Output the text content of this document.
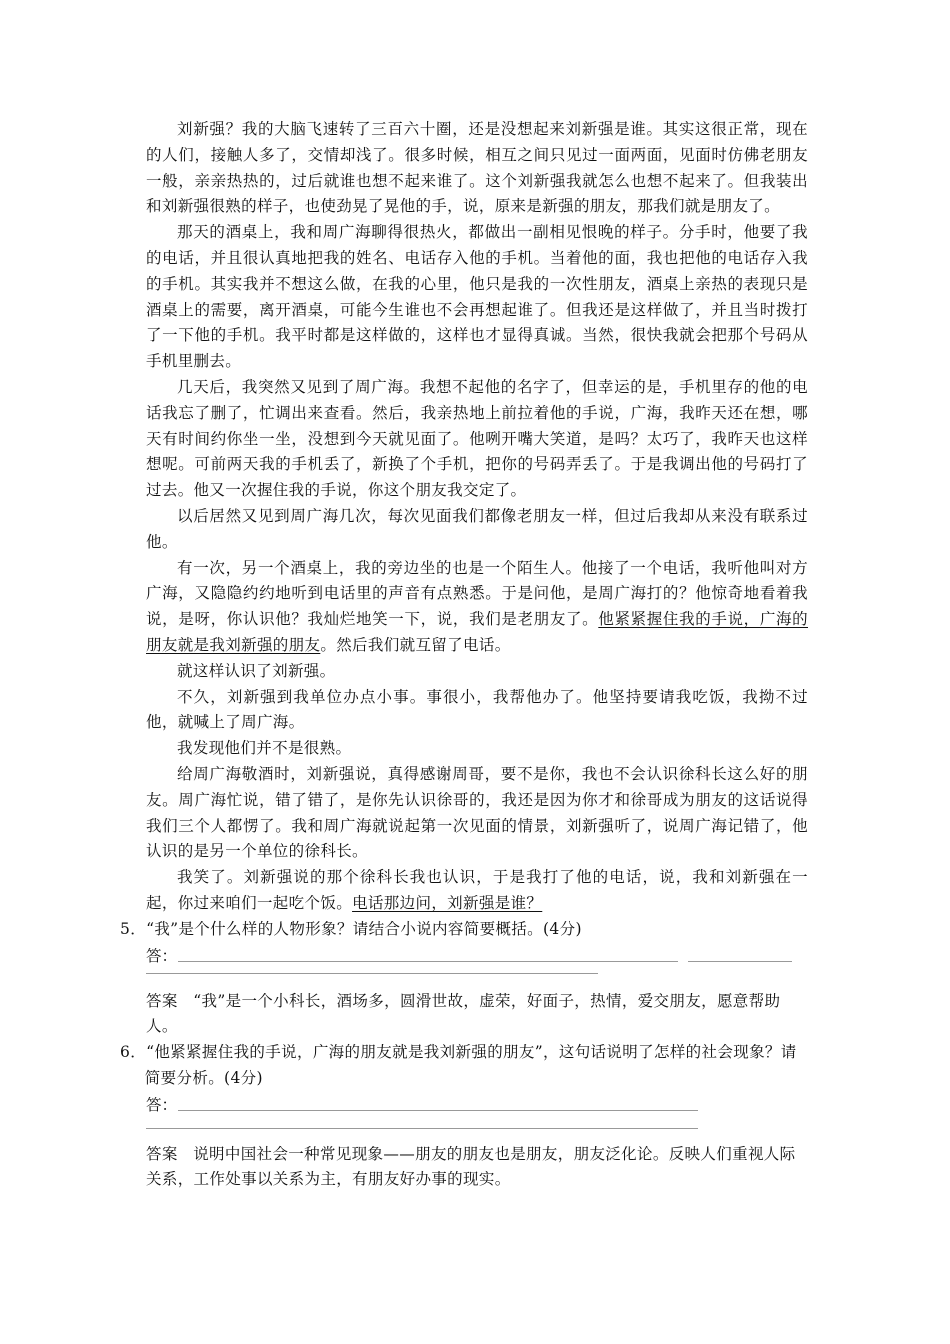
刘新强？我的大脑飞速转了三百六十圈，还是没想起来刘新强是谁。其实这很正常，现在的人们，接触人多了，交情却浅了。很多时候，相互之间只见过一面两面，见面时仿佛老朋友一般，亲亲热热的，过后就谁也想不起来谁了。这个刘新强我就怎么也想不起来了。但我装出和刘新强很熟的样子，也使劲晃了晃他的手，说，原来是新强的朋友，那我们就是朋友了。

那天的酒桌上，我和周广海聊得很热火，都做出一副相见恨晚的样子。分手时，他要了我的电话，并且很认真地把我的姓名、电话存入他的手机。当着他的面，我也把他的电话存入我的手机。其实我并不想这么做，在我的心里，他只是我的一次性朋友，酒桌上亲热的表现只是酒桌上的需要，离开酒桌，可能今生谁也不会再想起谁了。但我还是这样做了，并且当时拨打了一下他的手机。我平时都是这样做的，这样也才显得真诚。当然，很快我就会把那个号码从手机里删去。

几天后，我突然又见到了周广海。我想不起他的名字了，但幸运的是，手机里存的他的电话我忘了删了，忙调出来查看。然后，我亲热地上前拉着他的手说，广海，我昨天还在想，哪天有时间约你坐一坐，没想到今天就见面了。他咧开嘴大笑道，是吗？太巧了，我昨天也这样想呢。可前两天我的手机丢了，新换了个手机，把你的号码弄丢了。于是我调出他的号码打了过去。他又一次握住我的手说，你这个朋友我交定了。

以后居然又见到周广海几次，每次见面我们都像老朋友一样，但过后我却从来没有联系过他。

有一次，另一个酒桌上，我的旁边坐的也是一个陌生人。他接了一个电话，我听他叫对方广海，又隐隐约约地听到电话里的声音有点熟悉。于是问他，是周广海打的？他惊奇地看着我说，是呀，你认识他？我灿烂地笑一下，说，我们是老朋友了。他紧紧握住我的手说，广海的朋友就是我刘新强的朋友。然后我们就互留了电话。

就这样认识了刘新强。

不久，刘新强到我单位办点小事。事很小，我帮他办了。他坚持要请我吃饭，我拗不过他，就喊上了周广海。

我发现他们并不是很熟。

给周广海敬酒时，刘新强说，真得感谢周哥，要不是你，我也不会认识徐科长这么好的朋友。周广海忙说，错了错了，是你先认识徐哥的，我还是因为你才和徐哥成为朋友的这话说得我们三个人都愣了。我和周广海就说起第一次见面的情景，刘新强听了，说周广海记错了，他认识的是另一个单位的徐科长。

我笑了。刘新强说的那个徐科长我也认识，于是我打了他的电话，说，我和刘新强在一起，你过来咱们一起吃个饭。电话那边问，刘新强是谁？

5．“我”是个什么样的人物形象？请结合小说内容简要概括。(4分)

答：

答案 “我”是一个小科长，酒场多，圆滑世故，虚荣，好面子，热情，爱交朋友，愿意帮助人。

6．“他紧紧握住我的手说，广海的朋友就是我刘新强的朋友”，这句话说明了怎样的社会现象？请简要分析。(4分)

答：

答案 说明中国社会一种常见现象——朋友的朋友也是朋友，朋友泛化论。反映人们重视人际关系，工作处事以关系为主，有朋友好办事的现实。
